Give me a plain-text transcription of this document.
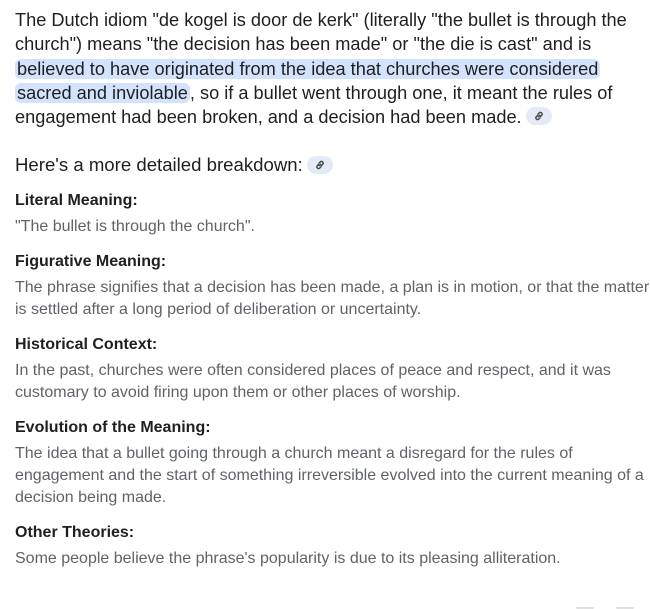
The Dutch idiom "de kogel is door de kerk" (literally "the bullet is through the church") means "the decision has been made" or "the die is cast" and is believed to have originated from the idea that churches were considered sacred and inviolable , so if a bullet went through one, it meant the rules of engagement had been broken, and a decision had been made.

Here's a more detailed breakdown:

Literal Meaning:

"The bullet is through the church".

Figurative Meaning:

The phrase signifies that a decision has been made, a plan is in motion, or that the matter is settled after a long period of deliberation or uncertainty.

Historical Context:

In the past, churches were often considered places of peace and respect, and it was customary to avoid firing upon them or other places of worship.

Evolution of the Meaning:

The idea that a bullet going through a church meant a disregard for the rules of engagement and the start of something irreversible evolved into the current meaning of a decision being made.

Other Theories:

Some people believe the phrase's popularity is due to its pleasing alliteration.
